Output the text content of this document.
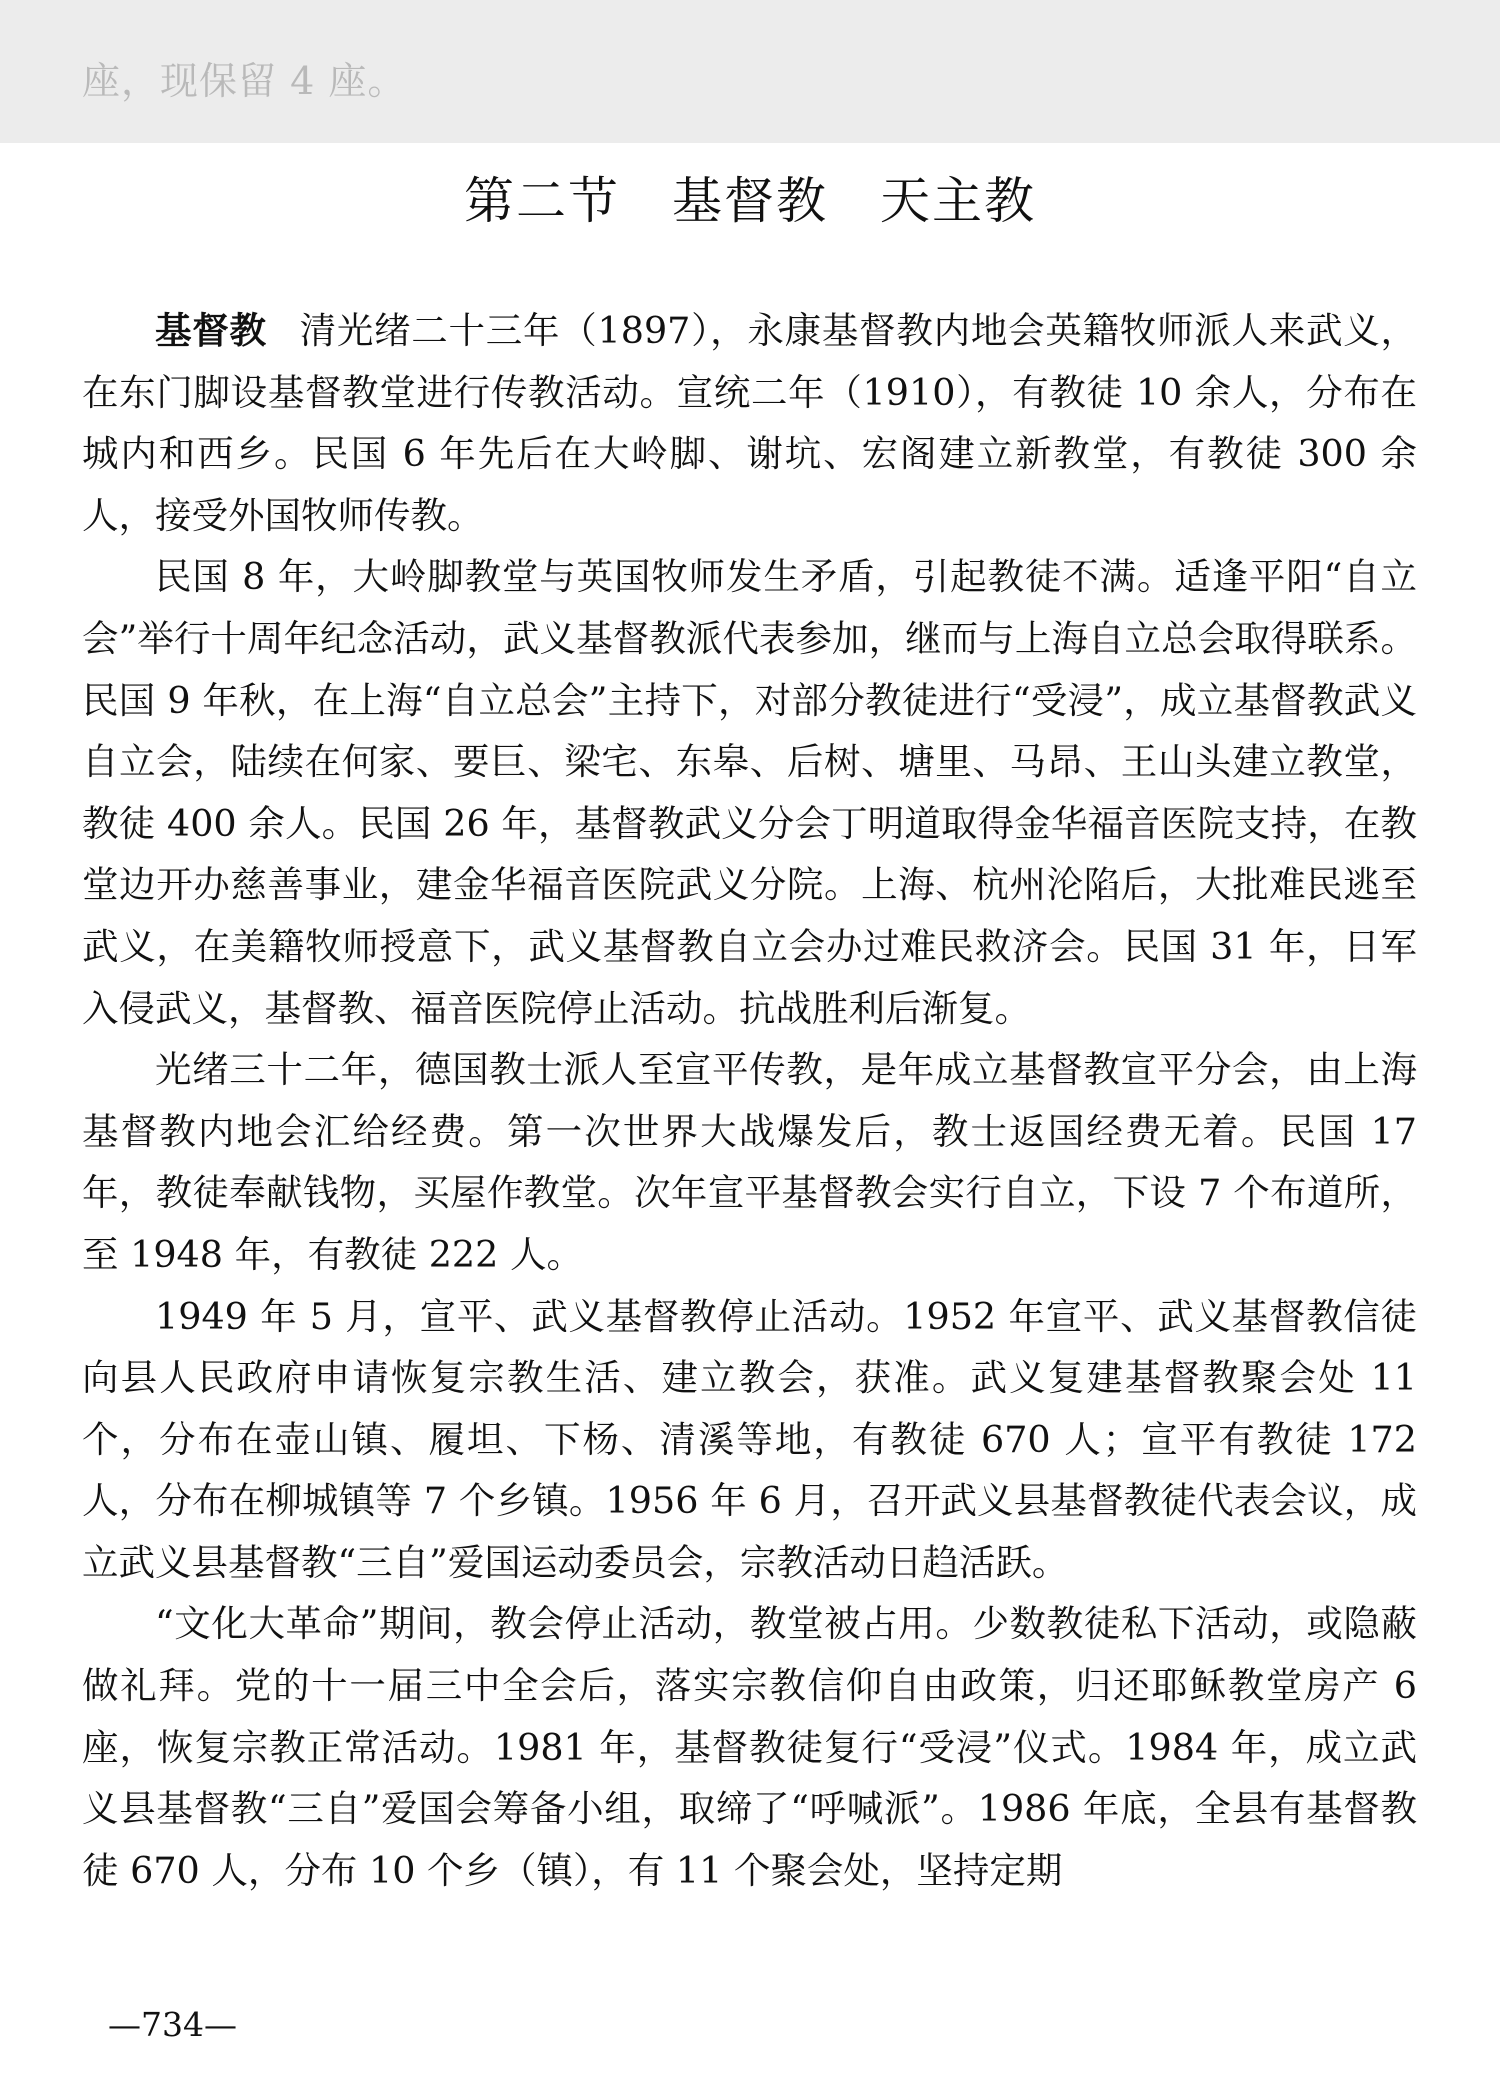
座，现保留 4 座。
第二节　基督教　天主教

基督教 清光绪二十三年（1897），永康基督教内地会英籍牧师派人来武义，在东门脚设基督教堂进行传教活动。宣统二年（1910），有教徒 10 余人，分布在城内和西乡。民国 6 年先后在大岭脚、谢坑、宏阁建立新教堂，有教徒 300 余人，接受外国牧师传教。

民国 8 年，大岭脚教堂与英国牧师发生矛盾，引起教徒不满。适逢平阳“自立会”举行十周年纪念活动，武义基督教派代表参加，继而与上海自立总会取得联系。民国 9 年秋，在上海“自立总会”主持下，对部分教徒进行“受浸”，成立基督教武义自立会，陆续在何家、要巨、梁宅、东皋、后树、塘里、马昂、王山头建立教堂，教徒 400 余人。民国 26 年，基督教武义分会丁明道取得金华福音医院支持，在教堂边开办慈善事业，建金华福音医院武义分院。上海、杭州沦陷后，大批难民逃至武义，在美籍牧师授意下，武义基督教自立会办过难民救济会。民国 31 年，日军入侵武义，基督教、福音医院停止活动。抗战胜利后渐复。

光绪三十二年，德国教士派人至宣平传教，是年成立基督教宣平分会，由上海基督教内地会汇给经费。第一次世界大战爆发后，教士返国经费无着。民国 17 年，教徒奉献钱物，买屋作教堂。次年宣平基督教会实行自立，下设 7 个布道所，至 1948 年，有教徒 222 人。

1949 年 5 月，宣平、武义基督教停止活动。1952 年宣平、武义基督教信徒向县人民政府申请恢复宗教生活、建立教会，获准。武义复建基督教聚会处 11 个，分布在壶山镇、履坦、下杨、清溪等地，有教徒 670 人；宣平有教徒 172 人，分布在柳城镇等 7 个乡镇。1956 年 6 月，召开武义县基督教徒代表会议，成立武义县基督教“三自”爱国运动委员会，宗教活动日趋活跃。

“文化大革命”期间，教会停止活动，教堂被占用。少数教徒私下活动，或隐蔽做礼拜。党的十一届三中全会后，落实宗教信仰自由政策，归还耶稣教堂房产 6 座，恢复宗教正常活动。1981 年，基督教徒复行“受浸”仪式。1984 年，成立武义县基督教“三自”爱国会筹备小组，取缔了“呼喊派”。1986 年底，全县有基督教徒 670 人，分布 10 个乡（镇），有 11 个聚会处，坚持定期

—734—
